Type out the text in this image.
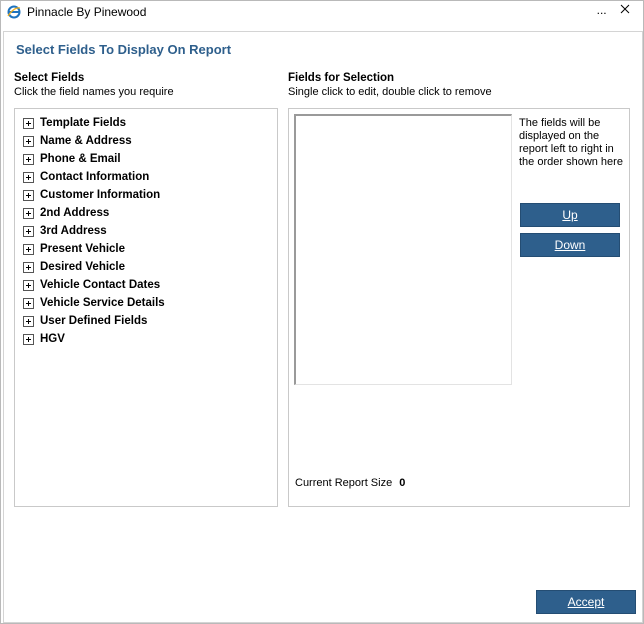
Pinnacle By Pinewood	...
Select Fields To Display On Report
Select Fields
Click the field names you require
Fields for Selection
Single click to edit, double click to remove
Template Fields
Name & Address
Phone & Email
Contact Information
Customer Information
2nd Address
3rd Address
Present Vehicle
Desired Vehicle
Vehicle Contact Dates
Vehicle Service Details
User Defined Fields
HGV
The fields will be displayed on the report left to right in the order shown here
Up
Down
Current Report Size 0
Accept
